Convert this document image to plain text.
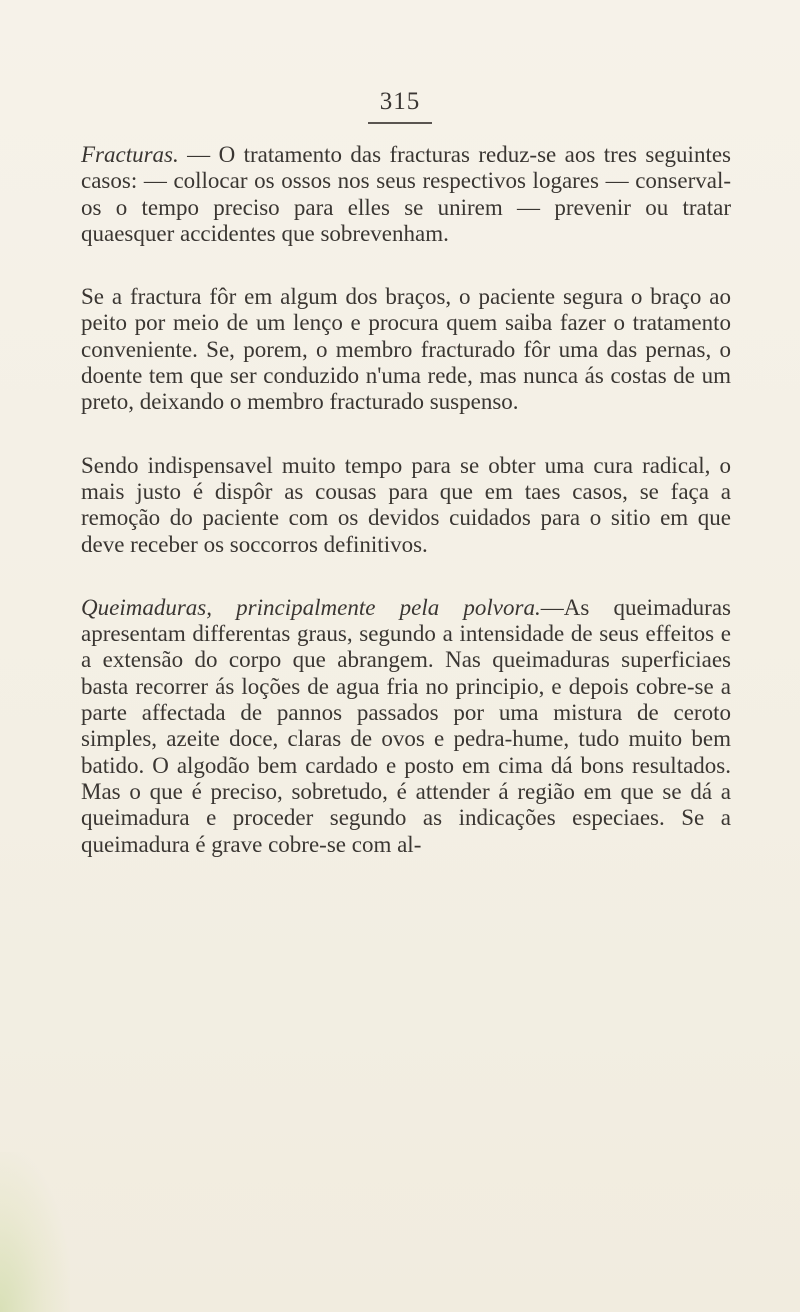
315

Fracturas. — O tratamento das fracturas reduz-se aos tres seguintes casos: — collocar os ossos nos seus respectivos logares — conserval-os o tempo preciso para elles se unirem — prevenir ou tratar quaesquer accidentes que sobrevenham.

Se a fractura fôr em algum dos braços, o paciente segura o braço ao peito por meio de um lenço e procura quem saiba fazer o tratamento conveniente. Se, porem, o membro fracturado fôr uma das pernas, o doente tem que ser conduzido n'uma rede, mas nunca ás costas de um preto, deixando o membro fracturado suspenso.

Sendo indispensavel muito tempo para se obter uma cura radical, o mais justo é dispôr as cousas para que em taes casos, se faça a remoção do paciente com os devidos cuidados para o sitio em que deve receber os soccorros definitivos.

Queimaduras, principalmente pela polvora.—As queimaduras apresentam differentas graus, segundo a intensidade de seus effeitos e a extensão do corpo que abrangem. Nas queimaduras superficiaes basta recorrer ás loções de agua fria no principio, e depois cobre-se a parte affectada de pannos passados por uma mistura de ceroto simples, azeite doce, claras de ovos e pedra-hume, tudo muito bem batido. O algodão bem cardado e posto em cima dá bons resultados. Mas o que é preciso, sobretudo, é attender á região em que se dá a queimadura e proceder segundo as indicações especiaes. Se a queimadura é grave cobre-se com al-
